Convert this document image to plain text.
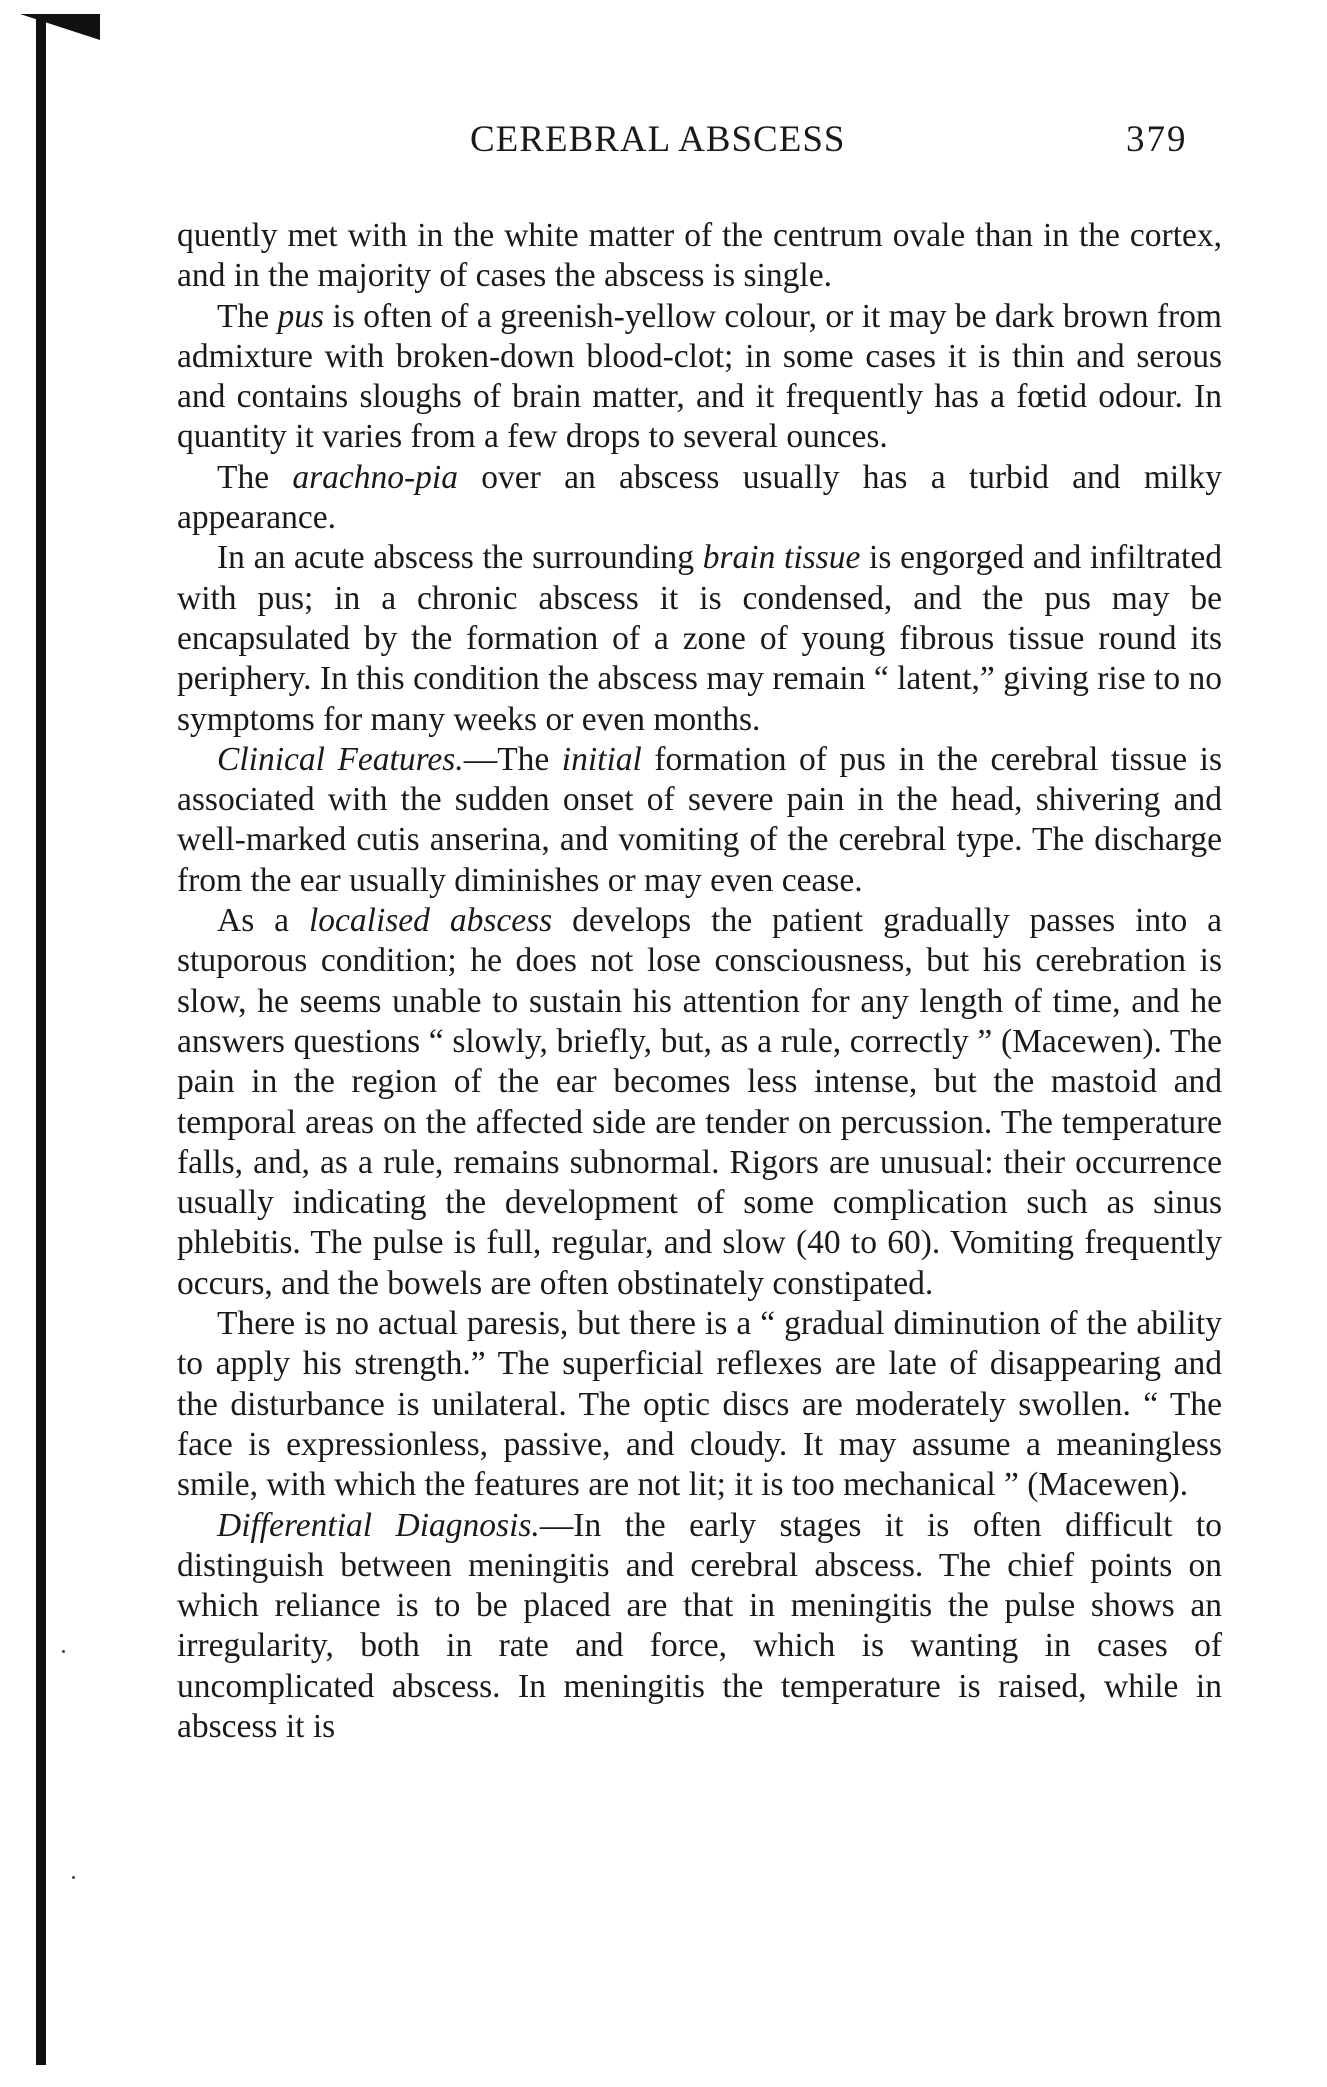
CEREBRAL ABSCESS	379

quently met with in the white matter of the centrum ovale than in the cortex, and in the majority of cases the abscess is single.

The pus is often of a greenish-yellow colour, or it may be dark brown from admixture with broken-down blood-clot; in some cases it is thin and serous and contains sloughs of brain matter, and it frequently has a fœtid odour. In quantity it varies from a few drops to several ounces.

The arachno-pia over an abscess usually has a turbid and milky appearance.

In an acute abscess the surrounding brain tissue is engorged and infiltrated with pus; in a chronic abscess it is condensed, and the pus may be encapsulated by the formation of a zone of young fibrous tissue round its periphery. In this condition the abscess may remain “ latent,” giving rise to no symptoms for many weeks or even months.

Clinical Features.—The initial formation of pus in the cerebral tissue is associated with the sudden onset of severe pain in the head, shivering and well-marked cutis anserina, and vomiting of the cerebral type. The discharge from the ear usually diminishes or may even cease.

As a localised abscess develops the patient gradually passes into a stuporous condition; he does not lose consciousness, but his cerebration is slow, he seems unable to sustain his attention for any length of time, and he answers questions “ slowly, briefly, but, as a rule, correctly ” (Macewen). The pain in the region of the ear becomes less intense, but the mastoid and temporal areas on the affected side are tender on percussion. The temperature falls, and, as a rule, remains subnormal. Rigors are unusual: their occurrence usually indicating the development of some complication such as sinus phlebitis. The pulse is full, regular, and slow (40 to 60). Vomiting frequently occurs, and the bowels are often obstinately constipated.

There is no actual paresis, but there is a “ gradual diminution of the ability to apply his strength.” The superficial reflexes are late of disappearing and the disturbance is unilateral. The optic discs are moderately swollen. “ The face is expressionless, passive, and cloudy. It may assume a meaningless smile, with which the features are not lit; it is too mechanical ” (Macewen).

Differential Diagnosis.—In the early stages it is often difficult to distinguish between meningitis and cerebral abscess. The chief points on which reliance is to be placed are that in meningitis the pulse shows an irregularity, both in rate and force, which is wanting in cases of uncomplicated abscess. In meningitis the temperature is raised, while in abscess it is
